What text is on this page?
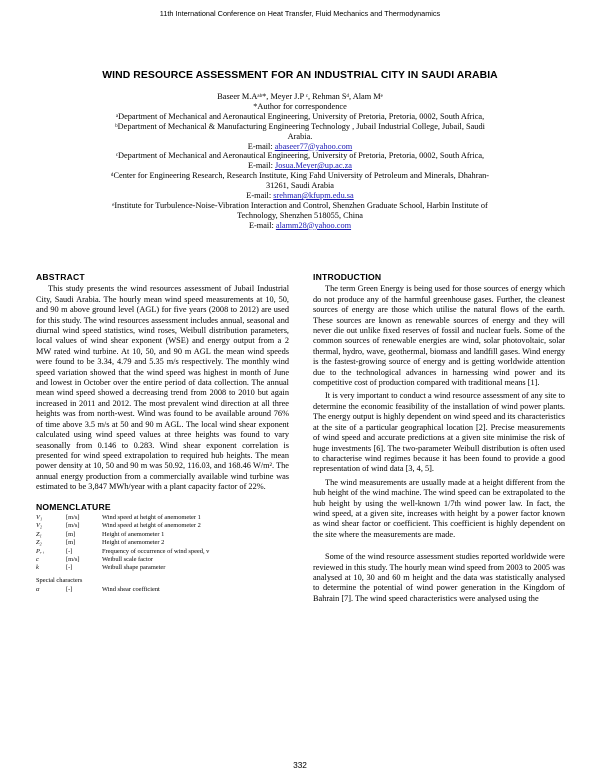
11th International Conference on Heat Transfer, Fluid Mechanics and Thermodynamics
WIND RESOURCE ASSESSMENT FOR AN INDUSTRIAL CITY IN SAUDI ARABIA
Baseer M.Aᵃᵇ*, Meyer J.P ᶜ, Rehman Sᵈ, Alam Mᵉ
*Author for correspondence
ᵃDepartment of Mechanical and Aeronautical Engineering, University of Pretoria, Pretoria, 0002, South Africa,
ᵇDepartment of Mechanical & Manufacturing Engineering Technology , Jubail Industrial College, Jubail, Saudi
Arabia.
E-mail: abaseer77@yahoo.com
ᶜDepartment of Mechanical and Aeronautical Engineering, University of Pretoria, Pretoria, 0002, South Africa,
E-mail: Josua.Meyer@up.ac.za
ᵈCenter for Engineering Research, Research Institute, King Fahd University of Petroleum and Minerals, Dhahran-
31261, Saudi Arabia
E-mail: srehman@kfupm.edu.sa
ᵉInstitute for Turbulence-Noise-Vibration Interaction and Control, Shenzhen Graduate School, Harbin Institute of
Technology, Shenzhen 518055, China
E-mail: alamm28@yahoo.com
ABSTRACT

This study presents the wind resources assessment of Jubail Industrial City, Saudi Arabia. The hourly mean wind speed measurements at 10, 50, and 90 m above ground level (AGL) for five years (2008 to 2012) are used for this study. The wind resources assessment includes annual, seasonal and diurnal wind speed statistics, wind roses, Weibull distribution parameters, local values of wind shear exponent (WSE) and energy output from a 2 MW rated wind turbine. At 10, 50, and 90 m AGL the mean wind speeds were found to be 3.34, 4.79 and 5.35 m/s respectively. The monthly wind speed variation showed that the wind speed was highest in month of June and lowest in October over the entire period of data collection. The annual mean wind speed showed a decreasing trend from 2008 to 2010 but again increased in 2011 and 2012. The most prevalent wind direction at all three heights was from north-west. Wind was found to be available around 76% of time above 3.5 m/s at 50 and 90 m AGL. The local wind shear exponent calculated using wind speed values at three heights was found to vary seasonally from 0.146 to 0.283. Wind shear exponent correlation is presented for wind speed extrapolation to required hub heights. The mean power density at 10, 50 and 90 m was 50.92, 116.03, and 168.46 W/m². The annual energy production from a commercially available wind turbine was estimated to be 3,847 MWh/year with a plant capacity factor of 22%.

NOMENCLATURE
V₁	[m/s]	Wind speed at height of anemometer 1
V₂	[m/s]	Wind speed at height of anemometer 2
Z₁	[m]	Height of anemometer 1
Z₂	[m]	Height of anemometer 2
Pᵥ ᵢ	[-]	Frequency of occurrence of wind speed, v
c	[m/s]	Weibull scale factor
k	[-]	Weibull shape parameter
Special characters
α	[-]	Wind shear coefficient
INTRODUCTION

The term Green Energy is being used for those sources of energy which do not produce any of the harmful greenhouse gases. Further, the cleanest sources of energy are those which utilise the natural flows of the earth. These sources are known as renewable sources of energy and they will never die out unlike fixed reserves of fossil and nuclear fuels. Some of the common sources of renewable energies are wind, solar photovoltaic, solar thermal, hydro, wave, geothermal, biomass and landfill gases. Wind energy is the fastest-growing source of energy and is getting worldwide attention due to the technological advances in harnessing wind power and its competitive cost of production compared with traditional means [1].

It is very important to conduct a wind resource assessment of any site to determine the economic feasibility of the installation of wind power plants. The energy output is highly dependent on wind speed and its characteristics at the site of a particular geographical location [2]. Precise measurements of wind speed and accurate predictions at a given site minimise the risk of huge investments [6]. The two-parameter Weibull distribution is often used to characterise wind regimes because it has been found to provide a good representation of wind data [3, 4, 5].

The wind measurements are usually made at a height different from the hub height of the wind machine. The wind speed can be extrapolated to the hub height by using the well-known 1/7th wind power law. In fact, the wind speed, at a given site, increases with height by a power factor known as wind shear factor or coefficient. This coefficient is highly dependent on the site where the measurements are made.

Some of the wind resource assessment studies reported worldwide were reviewed in this study. The hourly mean wind speed from 2003 to 2005 was analysed at 10, 30 and 60 m height and the data was statistically analysed to determine the potential of wind power generation in the Kingdom of Bahrain [7]. The wind speed characteristics were analysed using the

332
